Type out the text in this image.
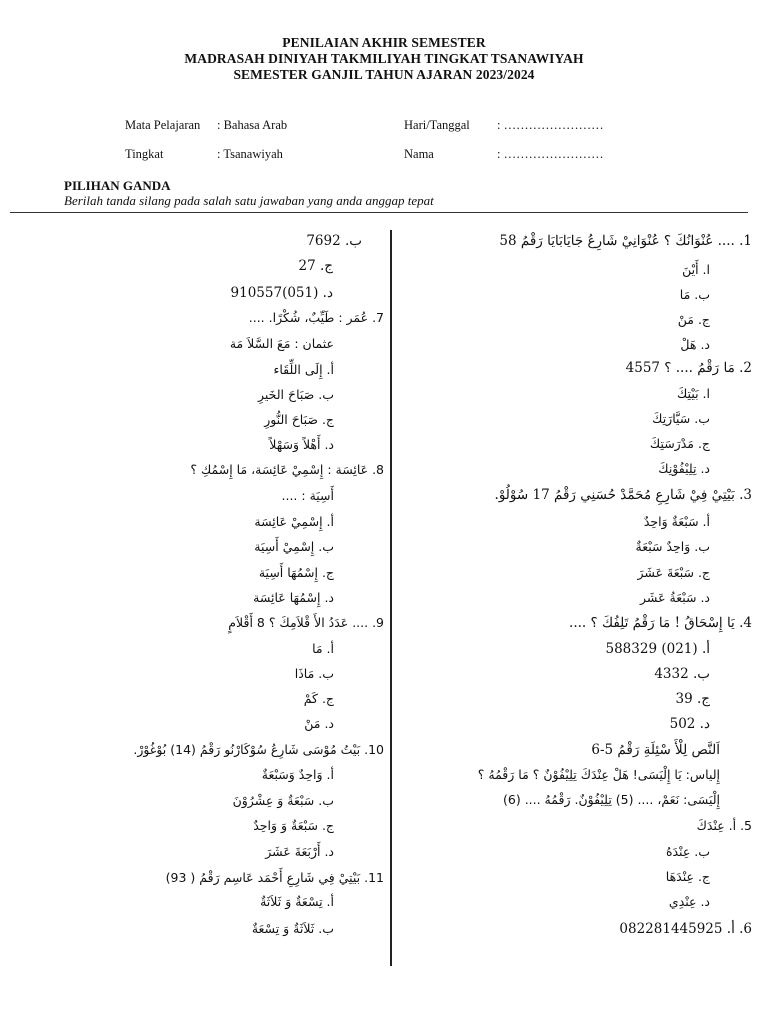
PENILAIAN AKHIR SEMESTER
MADRASAH DINIYAH TAKMILIYAH TINGKAT TSANAWIYAH
SEMESTER GANJIL TAHUN AJARAN 2023/2024
Mata Pelajaran : Bahasa Arab	Hari/Tanggal : ……………………
Tingkat	: Tsanawiyah	Nama	: ……………………
PILIHAN GANDA
Berilah tanda silang pada salah satu jawaban yang anda anggap tepat
1. .... عُنْوَانُكَ ؟ عُنْوَانِيْ شَارِعُ جَايَابَايَا رَقْمُ 58
ا. أَيْنَ
ب. مَا
ج. مَنْ
د. هَلْ
2. مَا رَقْمُ .... ؟ 4557
ا. بَيْتِكَ
ب. سَيَّارَتِكَ
ج. مَدْرَسَتِكَ
د. تِلِيْفُوْنِكَ
3. بَيْتِيْ فِيْ شَارِعِ مُحَمَّدْ حُسَنِي رَقْمُ 17 سُوْلُوْ.
أ. سَبْعَةٌ وَاحِدٌ
ب. وَاحِدٌ سَبْعَةٌ
ج. سَبْعَةَ عَشَرَ
د. سَبْعَةُ عَشَر
4. يَا إِسْحَاقُ ! مَا رَقْمُ تَلِفُكَ ؟ ....
أ. (021) 588329
ب. 4332
ج. 39
د. 502
اَلنَّص لِلْأَ سْئِلَةِ رَقْمُ 5-6
إِلياس: يَا إِلْيَسَى! هَلْ عِنْدَكَ تِلِيْفُوْنٌ ؟ مَا رَقْمُهُ ؟
إِلْيَسَى: نَعَمْ، .... (5) تِلِيْفُوْنٌ. رَقْمُهُ .... (6)
5. أ. عِنْدَكَ
ب. عِنْدَهُ
ج. عِنْدَهَا
د. عِنْدِي
6. أ. 082281445925
ب. 7692
ج. 27
د. (051)910557
7. عُمَر : طَيِّبٌ، شُكْرًا. ....
عثمان : مَعَ السَّلاَ مَة
أ. إِلَى اللِّقَاء
ب. صَبَاحَ الخَيرِ
ج. صَبَاحَ النُّورِ
د. أَهْلاً وَسَهْلاً
8. عَائِسَة : إِسْمِيْ عَائِسَة، مَا إِسْمُكِ ؟
أَسِيَة : ....
أ. إِسْمِيْ عَائِسَة
ب. إِسْمِيْ أَسِيَة
ج. إِسْمُهَا أَسِيَة
د. إِسْمُهَا عَائِسَة
9. .... عَدَدُ الأَ قْلاَمِكَ ؟ 8 أَقْلاَمٍ
أ. مَا
ب. مَاذَا
ج. كَمْ
د. مَنْ
10. بَيْتُ مُوْسَى شَارِعُ سُوْكَارْنُو رَقْمُ (14) بُوْغُوْرْ.
أ. وَاحِدٌ وَسَبْعَةٌ
ب. سَبْعَةٌ وَ عِشْرُوْنَ
ج. سَبْعَةٌ وَ وَاحِدٌ
د. أَرْبَعَةَ عَشَرَ
11. بَيْتِيْ فِي شَارِعِ أَحْمَد عَاسِم رَقْمُ ( 93)
أ. تِسْعَةٌ وَ ثَلاَثَةٌ
ب. ثَلاَثَةٌ وَ تِسْعَةٌ
